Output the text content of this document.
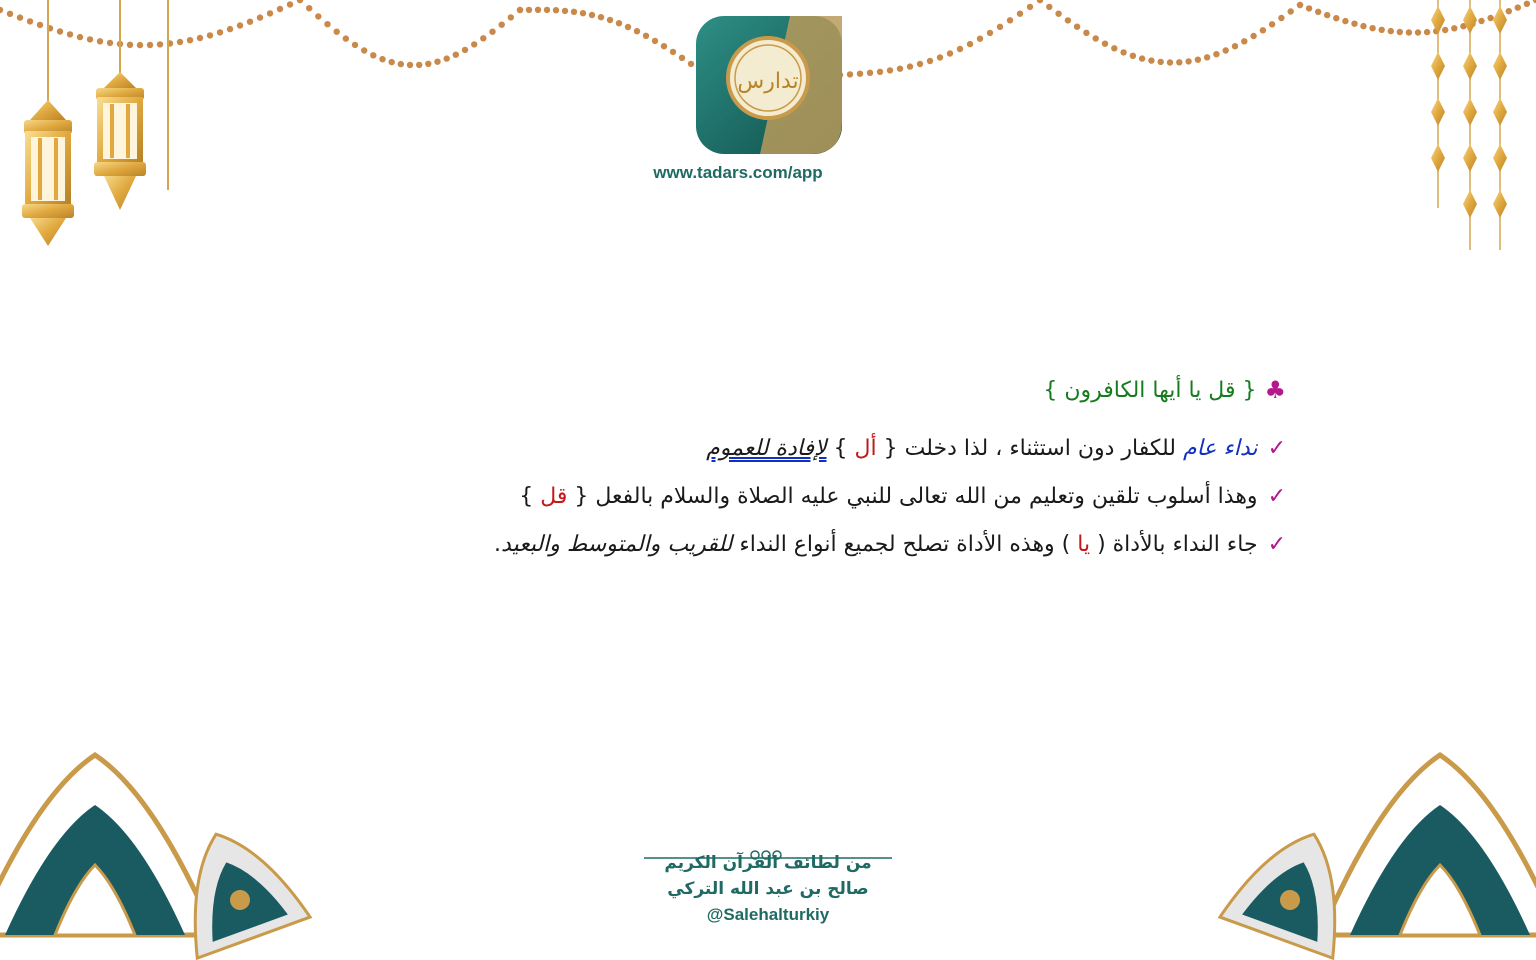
تدارس
www.tadars.com/app
♣
{ قل يا أيها الكافرون }
✓
نداء عام للكفار دون استثناء ، لذا دخلت { أل } لإفادة للعموم
✓
وهذا أسلوب تلقين وتعليم من الله تعالى للنبي عليه الصلاة والسلام بالفعل { قل }
✓
جاء النداء بالأداة ( يا ) وهذه الأداة تصلح لجميع أنواع النداء للقريب والمتوسط والبعيد.
من لطائف القرآن الكريم
صالح بن عبد الله التركي
@Salehalturkiy
